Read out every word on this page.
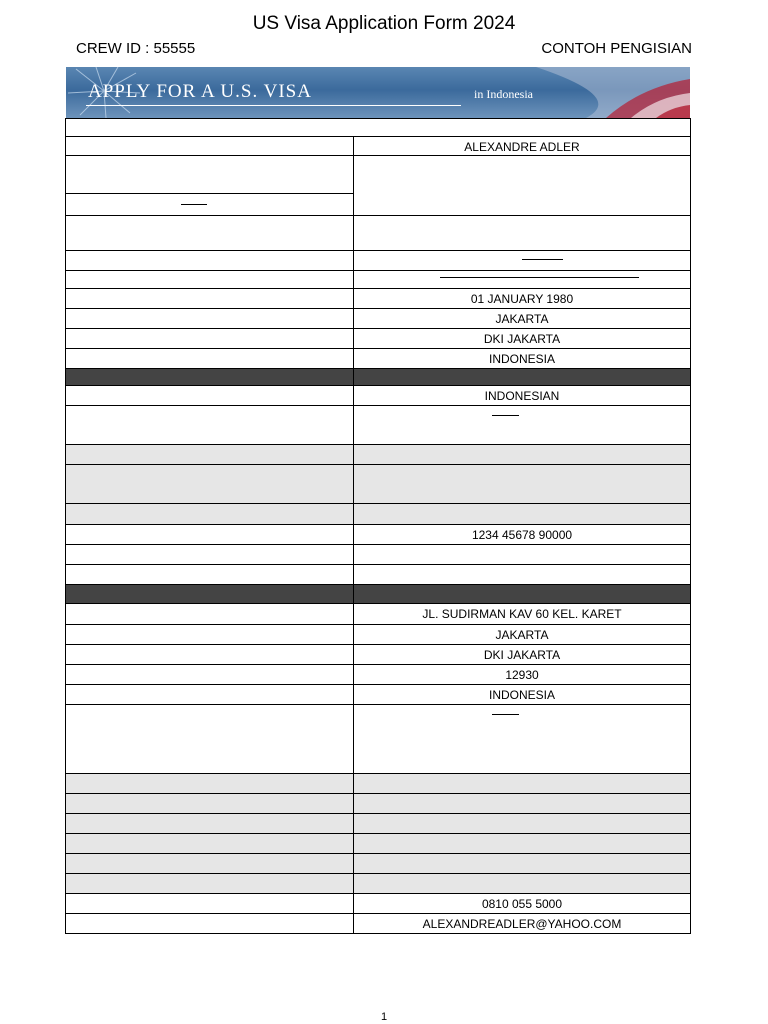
US Visa Application Form 2024
CREW ID : 55555	CONTOH PENGISIAN
APPLY FOR A U.S. VISA	in Indonesia
ALEXANDRE ADLER
01 JANUARY 1980
JAKARTA
DKI JAKARTA
INDONESIA
INDONESIAN
1234 45678 90000
JL. SUDIRMAN KAV 60 KEL. KARET
JAKARTA
DKI JAKARTA
12930
INDONESIA
0810 055 5000
ALEXANDREADLER@YAHOO.COM
1
